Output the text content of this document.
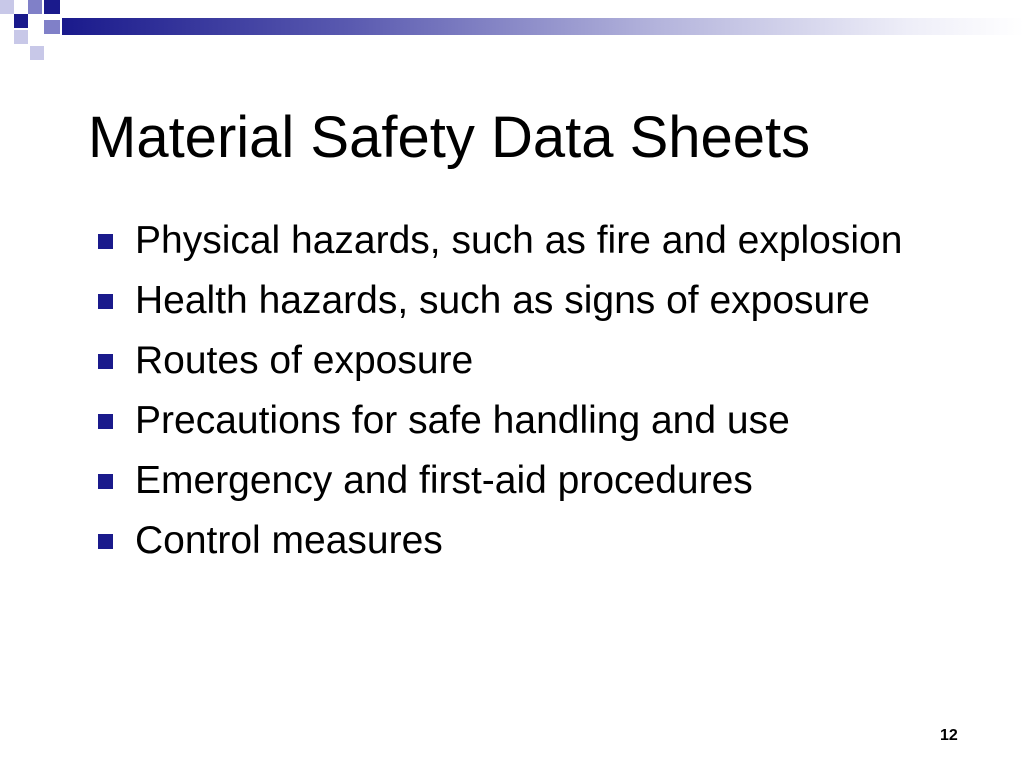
Material Safety Data Sheets
Physical hazards, such as fire and explosion
Health hazards, such as signs of exposure
Routes of exposure
Precautions for safe handling and use
Emergency and first-aid procedures
Control measures
12
